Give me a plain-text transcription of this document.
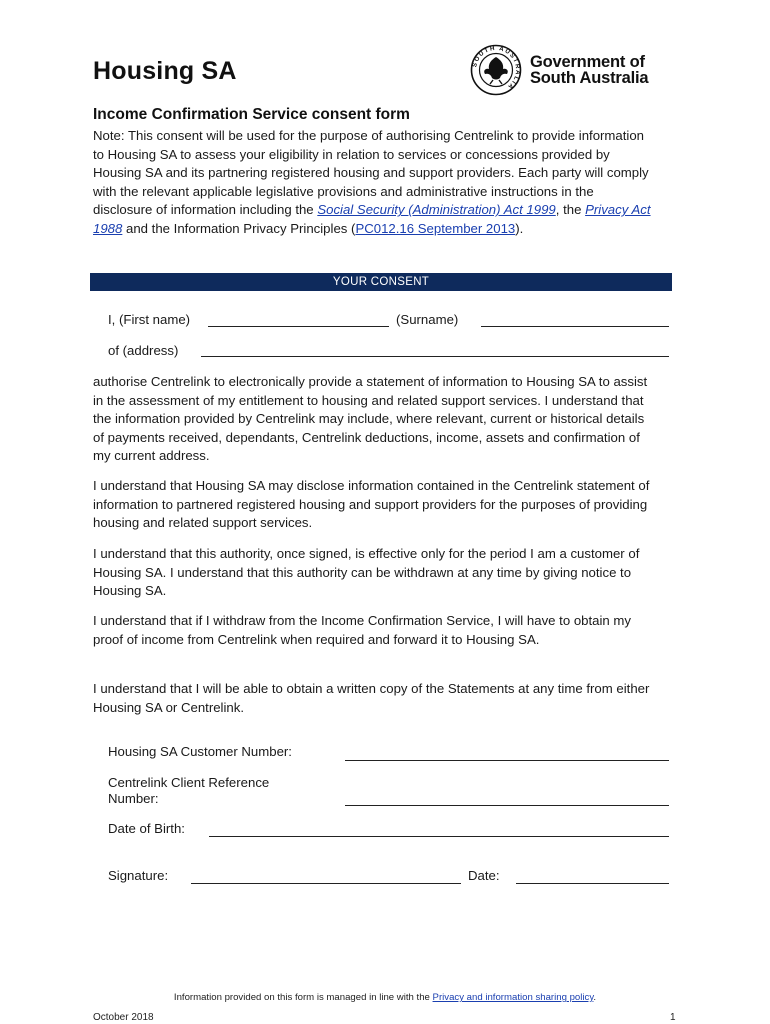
Housing SA	SOUTH AUSTRALIA
Government of
South Australia
Income Confirmation Service consent form
Note: This consent will be used for the purpose of authorising Centrelink to provide information to Housing SA to assess your eligibility in relation to services or concessions provided by Housing SA and its partnering registered housing and support providers. Each party will comply with the relevant applicable legislative provisions and administrative instructions in the disclosure of information including the Social Security (Administration) Act 1999, the Privacy Act 1988 and the Information Privacy Principles (PC012.16 September 2013).
YOUR CONSENT
I, (First name)	(Surname)
of (address)
authorise Centrelink to electronically provide a statement of information to Housing SA to assist in the assessment of my entitlement to housing and related support services. I understand that the information provided by Centrelink may include, where relevant, current or historical details of payments received, dependants, Centrelink deductions, income, assets and confirmation of my current address.
I understand that Housing SA may disclose information contained in the Centrelink statement of information to partnered registered housing and support providers for the purposes of providing housing and related support services.
I understand that this authority, once signed, is effective only for the period I am a customer of Housing SA. I understand that this authority can be withdrawn at any time by giving notice to Housing SA.
I understand that if I withdraw from the Income Confirmation Service, I will have to obtain my proof of income from Centrelink when required and forward it to Housing SA.
I understand that I will be able to obtain a written copy of the Statements at any time from either Housing SA or Centrelink.
Housing SA Customer Number:
Centrelink Client Reference
Number:
Date of Birth:
Signature:	Date:
Information provided on this form is managed in line with the Privacy and information sharing policy.
October 2018	1
